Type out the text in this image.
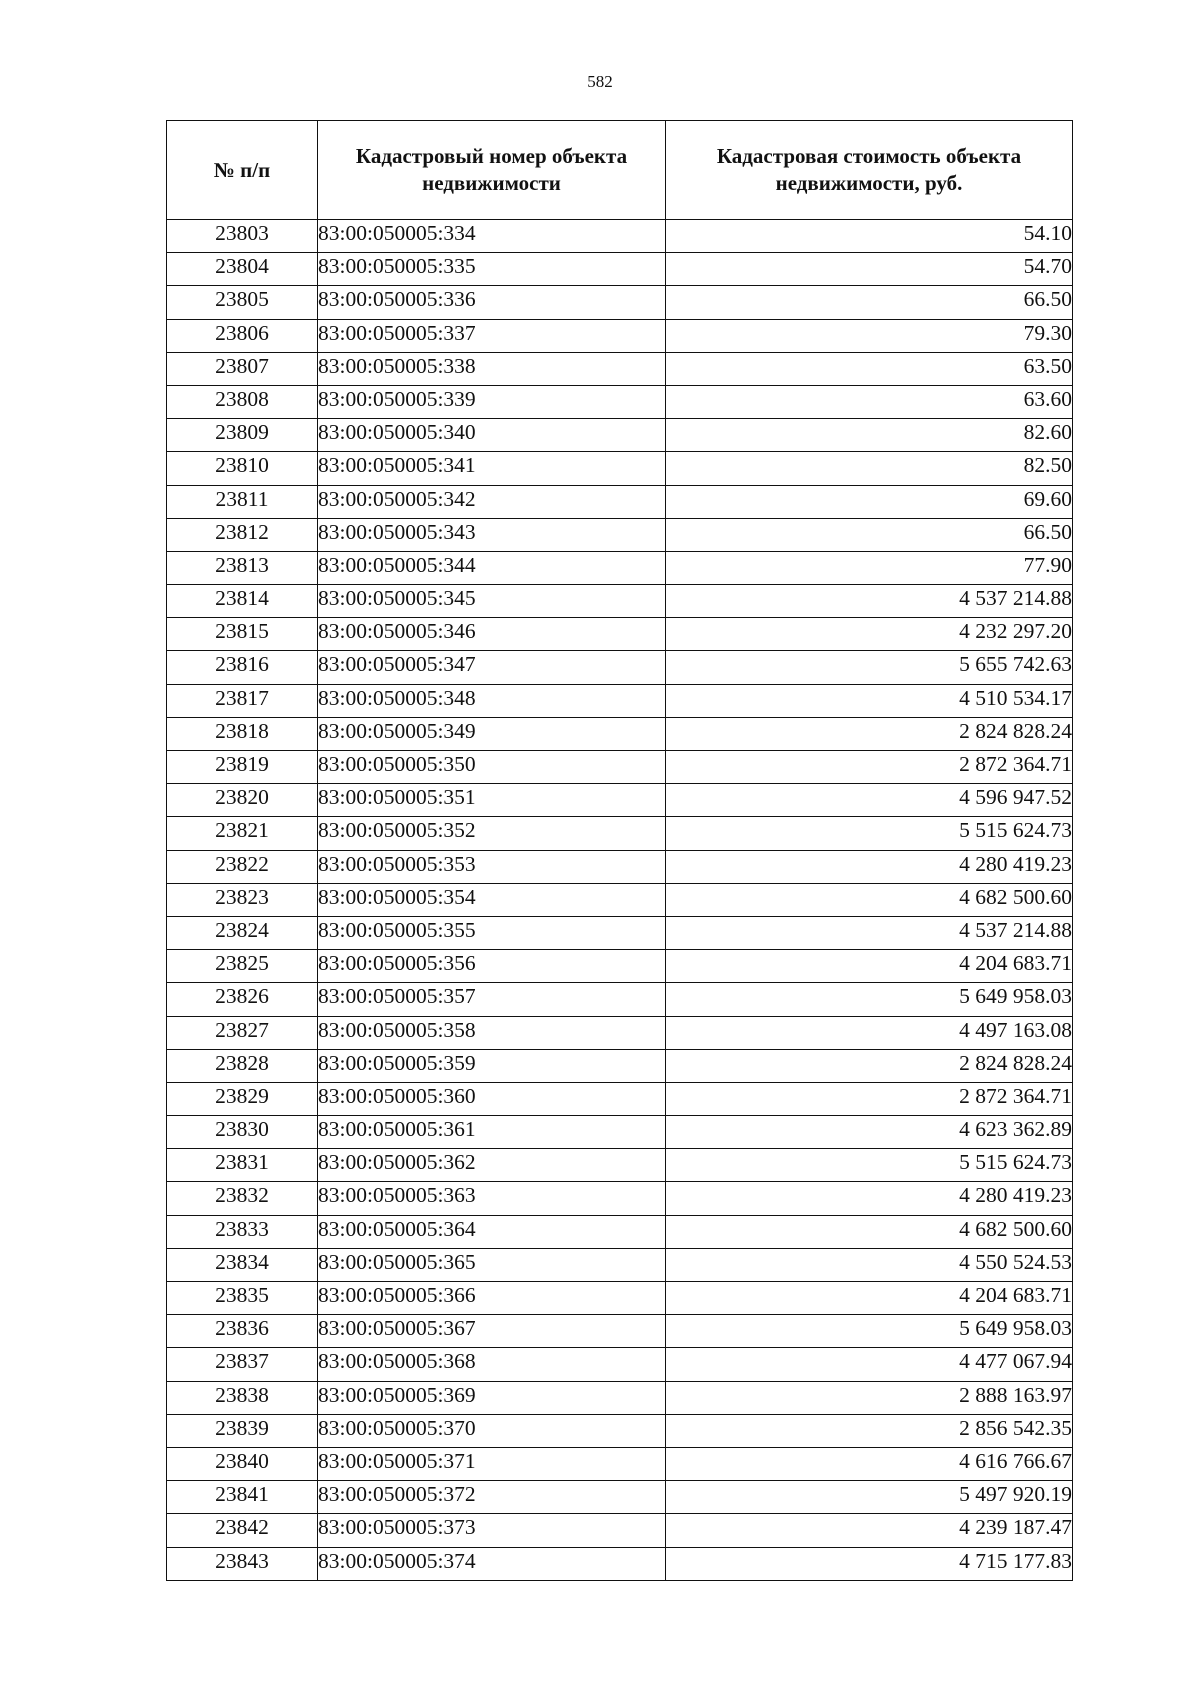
582
№ п/п	Кадастровый номер объекта недвижимости	Кадастровая стоимость объекта недвижимости, руб.
23803	83:00:050005:334	54.10
23804	83:00:050005:335	54.70
23805	83:00:050005:336	66.50
23806	83:00:050005:337	79.30
23807	83:00:050005:338	63.50
23808	83:00:050005:339	63.60
23809	83:00:050005:340	82.60
23810	83:00:050005:341	82.50
23811	83:00:050005:342	69.60
23812	83:00:050005:343	66.50
23813	83:00:050005:344	77.90
23814	83:00:050005:345	4 537 214.88
23815	83:00:050005:346	4 232 297.20
23816	83:00:050005:347	5 655 742.63
23817	83:00:050005:348	4 510 534.17
23818	83:00:050005:349	2 824 828.24
23819	83:00:050005:350	2 872 364.71
23820	83:00:050005:351	4 596 947.52
23821	83:00:050005:352	5 515 624.73
23822	83:00:050005:353	4 280 419.23
23823	83:00:050005:354	4 682 500.60
23824	83:00:050005:355	4 537 214.88
23825	83:00:050005:356	4 204 683.71
23826	83:00:050005:357	5 649 958.03
23827	83:00:050005:358	4 497 163.08
23828	83:00:050005:359	2 824 828.24
23829	83:00:050005:360	2 872 364.71
23830	83:00:050005:361	4 623 362.89
23831	83:00:050005:362	5 515 624.73
23832	83:00:050005:363	4 280 419.23
23833	83:00:050005:364	4 682 500.60
23834	83:00:050005:365	4 550 524.53
23835	83:00:050005:366	4 204 683.71
23836	83:00:050005:367	5 649 958.03
23837	83:00:050005:368	4 477 067.94
23838	83:00:050005:369	2 888 163.97
23839	83:00:050005:370	2 856 542.35
23840	83:00:050005:371	4 616 766.67
23841	83:00:050005:372	5 497 920.19
23842	83:00:050005:373	4 239 187.47
23843	83:00:050005:374	4 715 177.83
